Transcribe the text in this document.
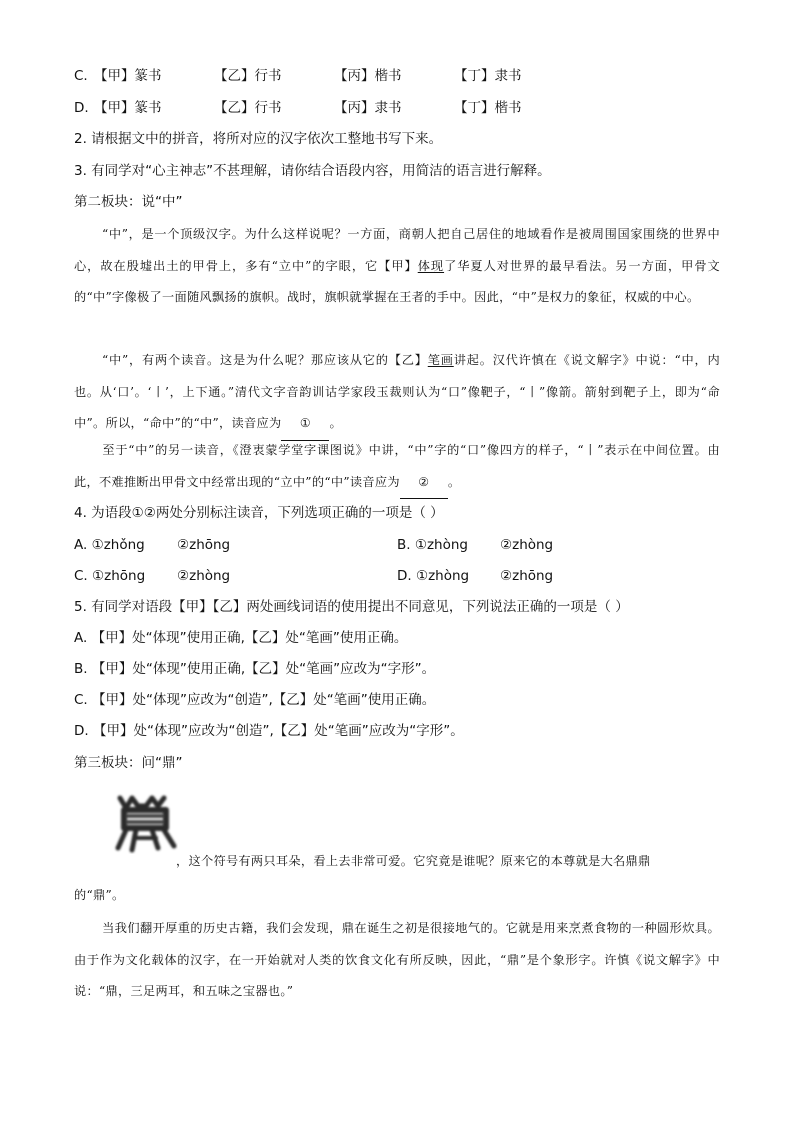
C. 【甲】篆书	【乙】行书	【丙】楷书	【丁】隶书
D. 【甲】篆书	【乙】行书	【丙】隶书	【丁】楷书
2. 请根据文中的拼音，将所对应的汉字依次工整地书写下来。
3. 有同学对“心主神志”不甚理解，请你结合语段内容，用简洁的语言进行解释。
第二板块：说“中”
“中”，是一个顶级汉字。为什么这样说呢？一方面，商朝人把自己居住的地域看作是被周围国家围绕的世界中心，故在殷墟出土的甲骨上，多有“立中”的字眼，它【甲】体现了华夏人对世界的最早看法。另一方面，甲骨文的“中”字像极了一面随风飘扬的旗帜。战时，旗帜就掌握在王者的手中。因此，“中”是权力的象征，权威的中心。
“中”，有两个读音。这是为什么呢？那应该从它的【乙】笔画讲起。汉代许慎在《说文解字》中说：“中，内也。从‘口’。‘丨’，上下通。”清代文字音韵训诂学家段玉裁则认为“口”像靶子，“丨”像箭。箭射到靶子上，即为“命中”。所以，“命中”的“中”，读音应为 ① 。
至于“中”的另一读音，《澄衷蒙学堂字课图说》中讲，“中”字的“口”像四方的样子，“丨”表示在中间位置。由此，不难推断出甲骨文中经常出现的“立中”的“中”读音应为 ② 。
4. 为语段①②两处分别标注读音，下列选项正确的一项是（ ）
A. ①zhǒng ②zhōng	B. ①zhòng ②zhòng
C. ①zhōng ②zhòng	D. ①zhòng ②zhōng
5. 有同学对语段【甲】【乙】两处画线词语的使用提出不同意见，下列说法正确的一项是（ ）
A. 【甲】处“体现”使用正确,【乙】处“笔画”使用正确。
B. 【甲】处“体现”使用正确,【乙】处“笔画”应改为“字形”。
C. 【甲】处“体现”应改为“创造”,【乙】处“笔画”使用正确。
D. 【甲】处“体现”应改为“创造”,【乙】处“笔画”应改为“字形”。
第三板块：问“鼎”
，这个符号有两只耳朵，看上去非常可爱。它究竟是谁呢？原来它的本尊就是大名鼎鼎
的“鼎”。
当我们翻开厚重的历史古籍，我们会发现，鼎在诞生之初是很接地气的。它就是用来烹煮食物的一种圆形炊具。由于作为文化载体的汉字，在一开始就对人类的饮食文化有所反映，因此，“鼎”是个象形字。许慎《说文解字》中说：“鼎，三足两耳，和五味之宝器也。”
